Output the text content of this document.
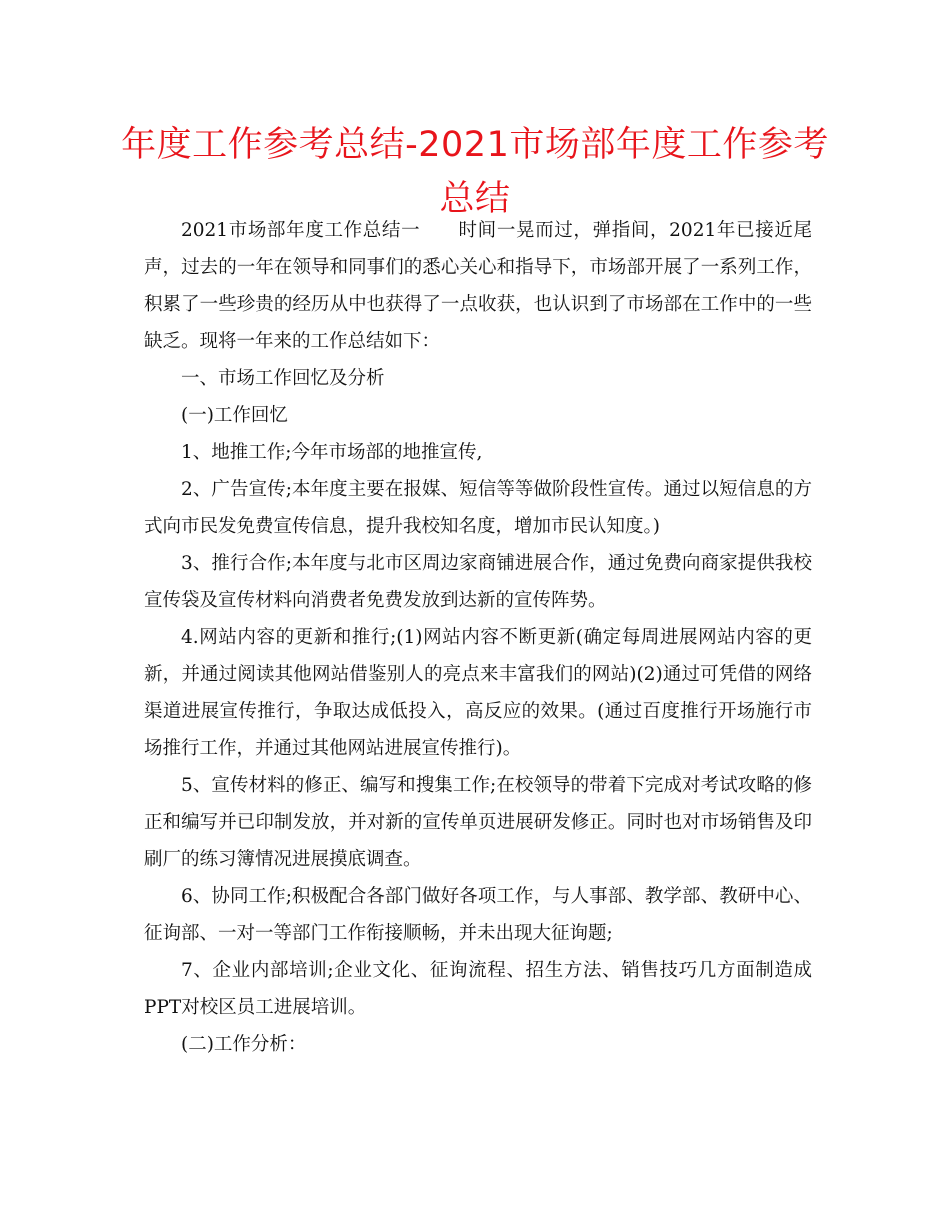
年度工作参考总结-2021市场部年度工作参考总结

2021市场部年度工作总结一　　时间一晃而过，弹指间，2021年已接近尾声，过去的一年在领导和同事们的悉心关心和指导下，市场部开展了一系列工作，积累了一些珍贵的经历从中也获得了一点收获，也认识到了市场部在工作中的一些缺乏。现将一年来的工作总结如下：

一、市场工作回忆及分析

(一)工作回忆

1、地推工作;今年市场部的地推宣传,

2、广告宣传;本年度主要在报媒、短信等等做阶段性宣传。通过以短信息的方式向市民发免费宣传信息，提升我校知名度，增加市民认知度。)

3、推行合作;本年度与北市区周边家商铺进展合作，通过免费向商家提供我校宣传袋及宣传材料向消费者免费发放到达新的宣传阵势。

4.网站内容的更新和推行;(1)网站内容不断更新(确定每周进展网站内容的更新，并通过阅读其他网站借鉴别人的亮点来丰富我们的网站)(2)通过可凭借的网络渠道进展宣传推行，争取达成低投入，高反应的效果。(通过百度推行开场施行市场推行工作，并通过其他网站进展宣传推行)。

5、宣传材料的修正、编写和搜集工作;在校领导的带着下完成对考试攻略的修正和编写并已印制发放，并对新的宣传单页进展研发修正。同时也对市场销售及印刷厂的练习簿情况进展摸底调查。

6、协同工作;积极配合各部门做好各项工作，与人事部、教学部、教研中心、征询部、一对一等部门工作衔接顺畅，并未出现大征询题;

7、企业内部培训;企业文化、征询流程、招生方法、销售技巧几方面制造成PPT对校区员工进展培训。

(二)工作分析：
